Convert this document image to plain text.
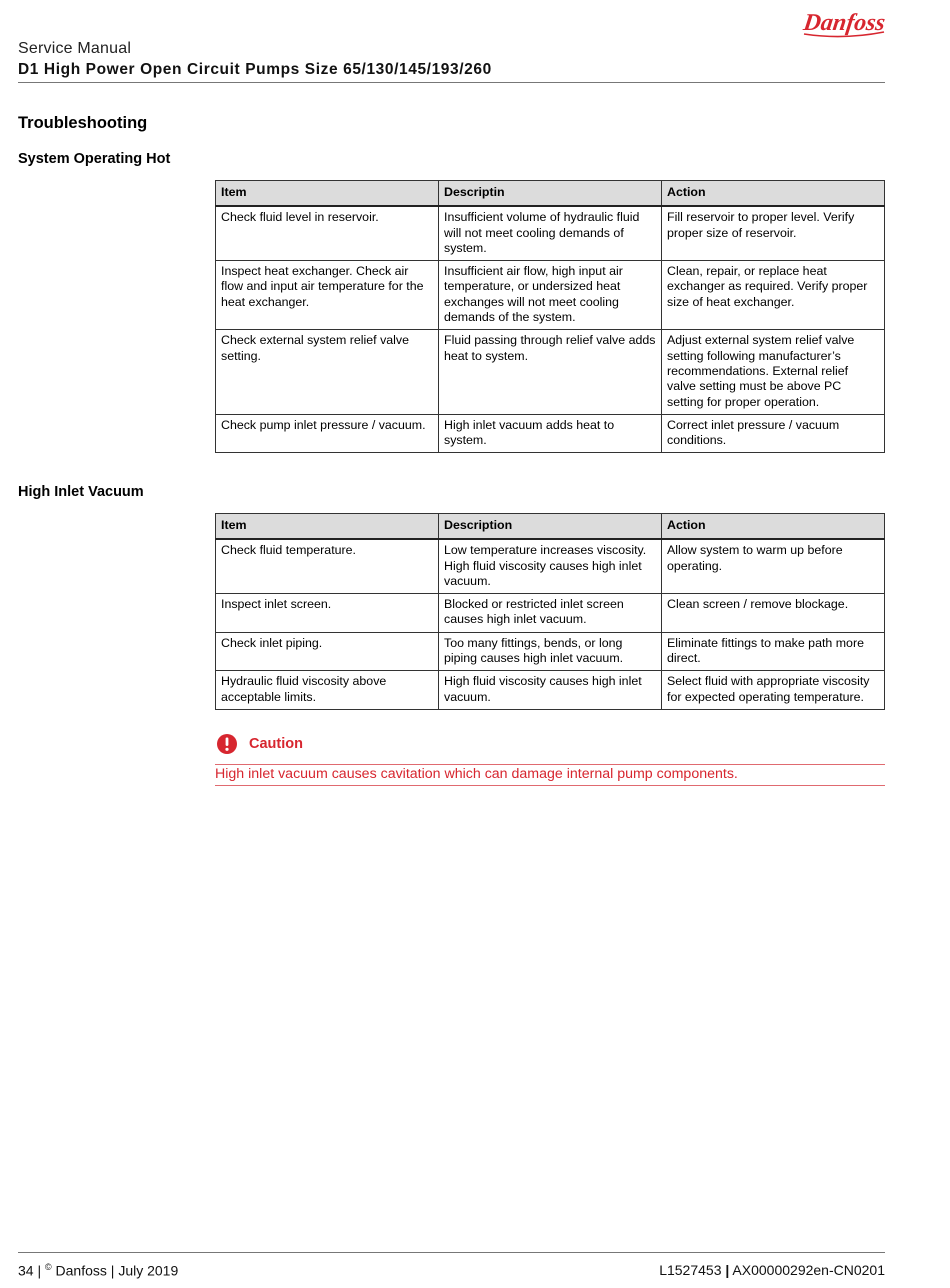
Danfoss
Service Manual
D1 High Power Open Circuit Pumps Size 65/130/145/193/260
Troubleshooting
System Operating Hot
Item	Descriptin	Action
Check fluid level in reservoir.	Insufficient volume of hydraulic fluid will not meet cooling demands of system.	Fill reservoir to proper level. Verify proper size of reservoir.
Inspect heat exchanger. Check air flow and input air temperature for the heat exchanger.	Insufficient air flow, high input air temperature, or undersized heat exchanges will not meet cooling demands of the system.	Clean, repair, or replace heat exchanger as required. Verify proper size of heat exchanger.
Check external system relief valve setting.	Fluid passing through relief valve adds heat to system.	Adjust external system relief valve setting following manufacturer’s recommendations. External relief valve setting must be above PC setting for proper operation.
Check pump inlet pressure / vacuum.	High inlet vacuum adds heat to system.	Correct inlet pressure / vacuum conditions.
High Inlet Vacuum
Item	Description	Action
Check fluid temperature.	Low temperature increases viscosity. High fluid viscosity causes high inlet vacuum.	Allow system to warm up before operating.
Inspect inlet screen.	Blocked or restricted inlet screen causes high inlet vacuum.	Clean screen / remove blockage.
Check inlet piping.	Too many fittings, bends, or long piping causes high inlet vacuum.	Eliminate fittings to make path more direct.
Hydraulic fluid viscosity above acceptable limits.	High fluid viscosity causes high inlet vacuum.	Select fluid with appropriate viscosity for expected operating temperature.
Caution
High inlet vacuum causes cavitation which can damage internal pump components.
34 | © Danfoss | July 2019	L1527453 | AX00000292en-CN0201
